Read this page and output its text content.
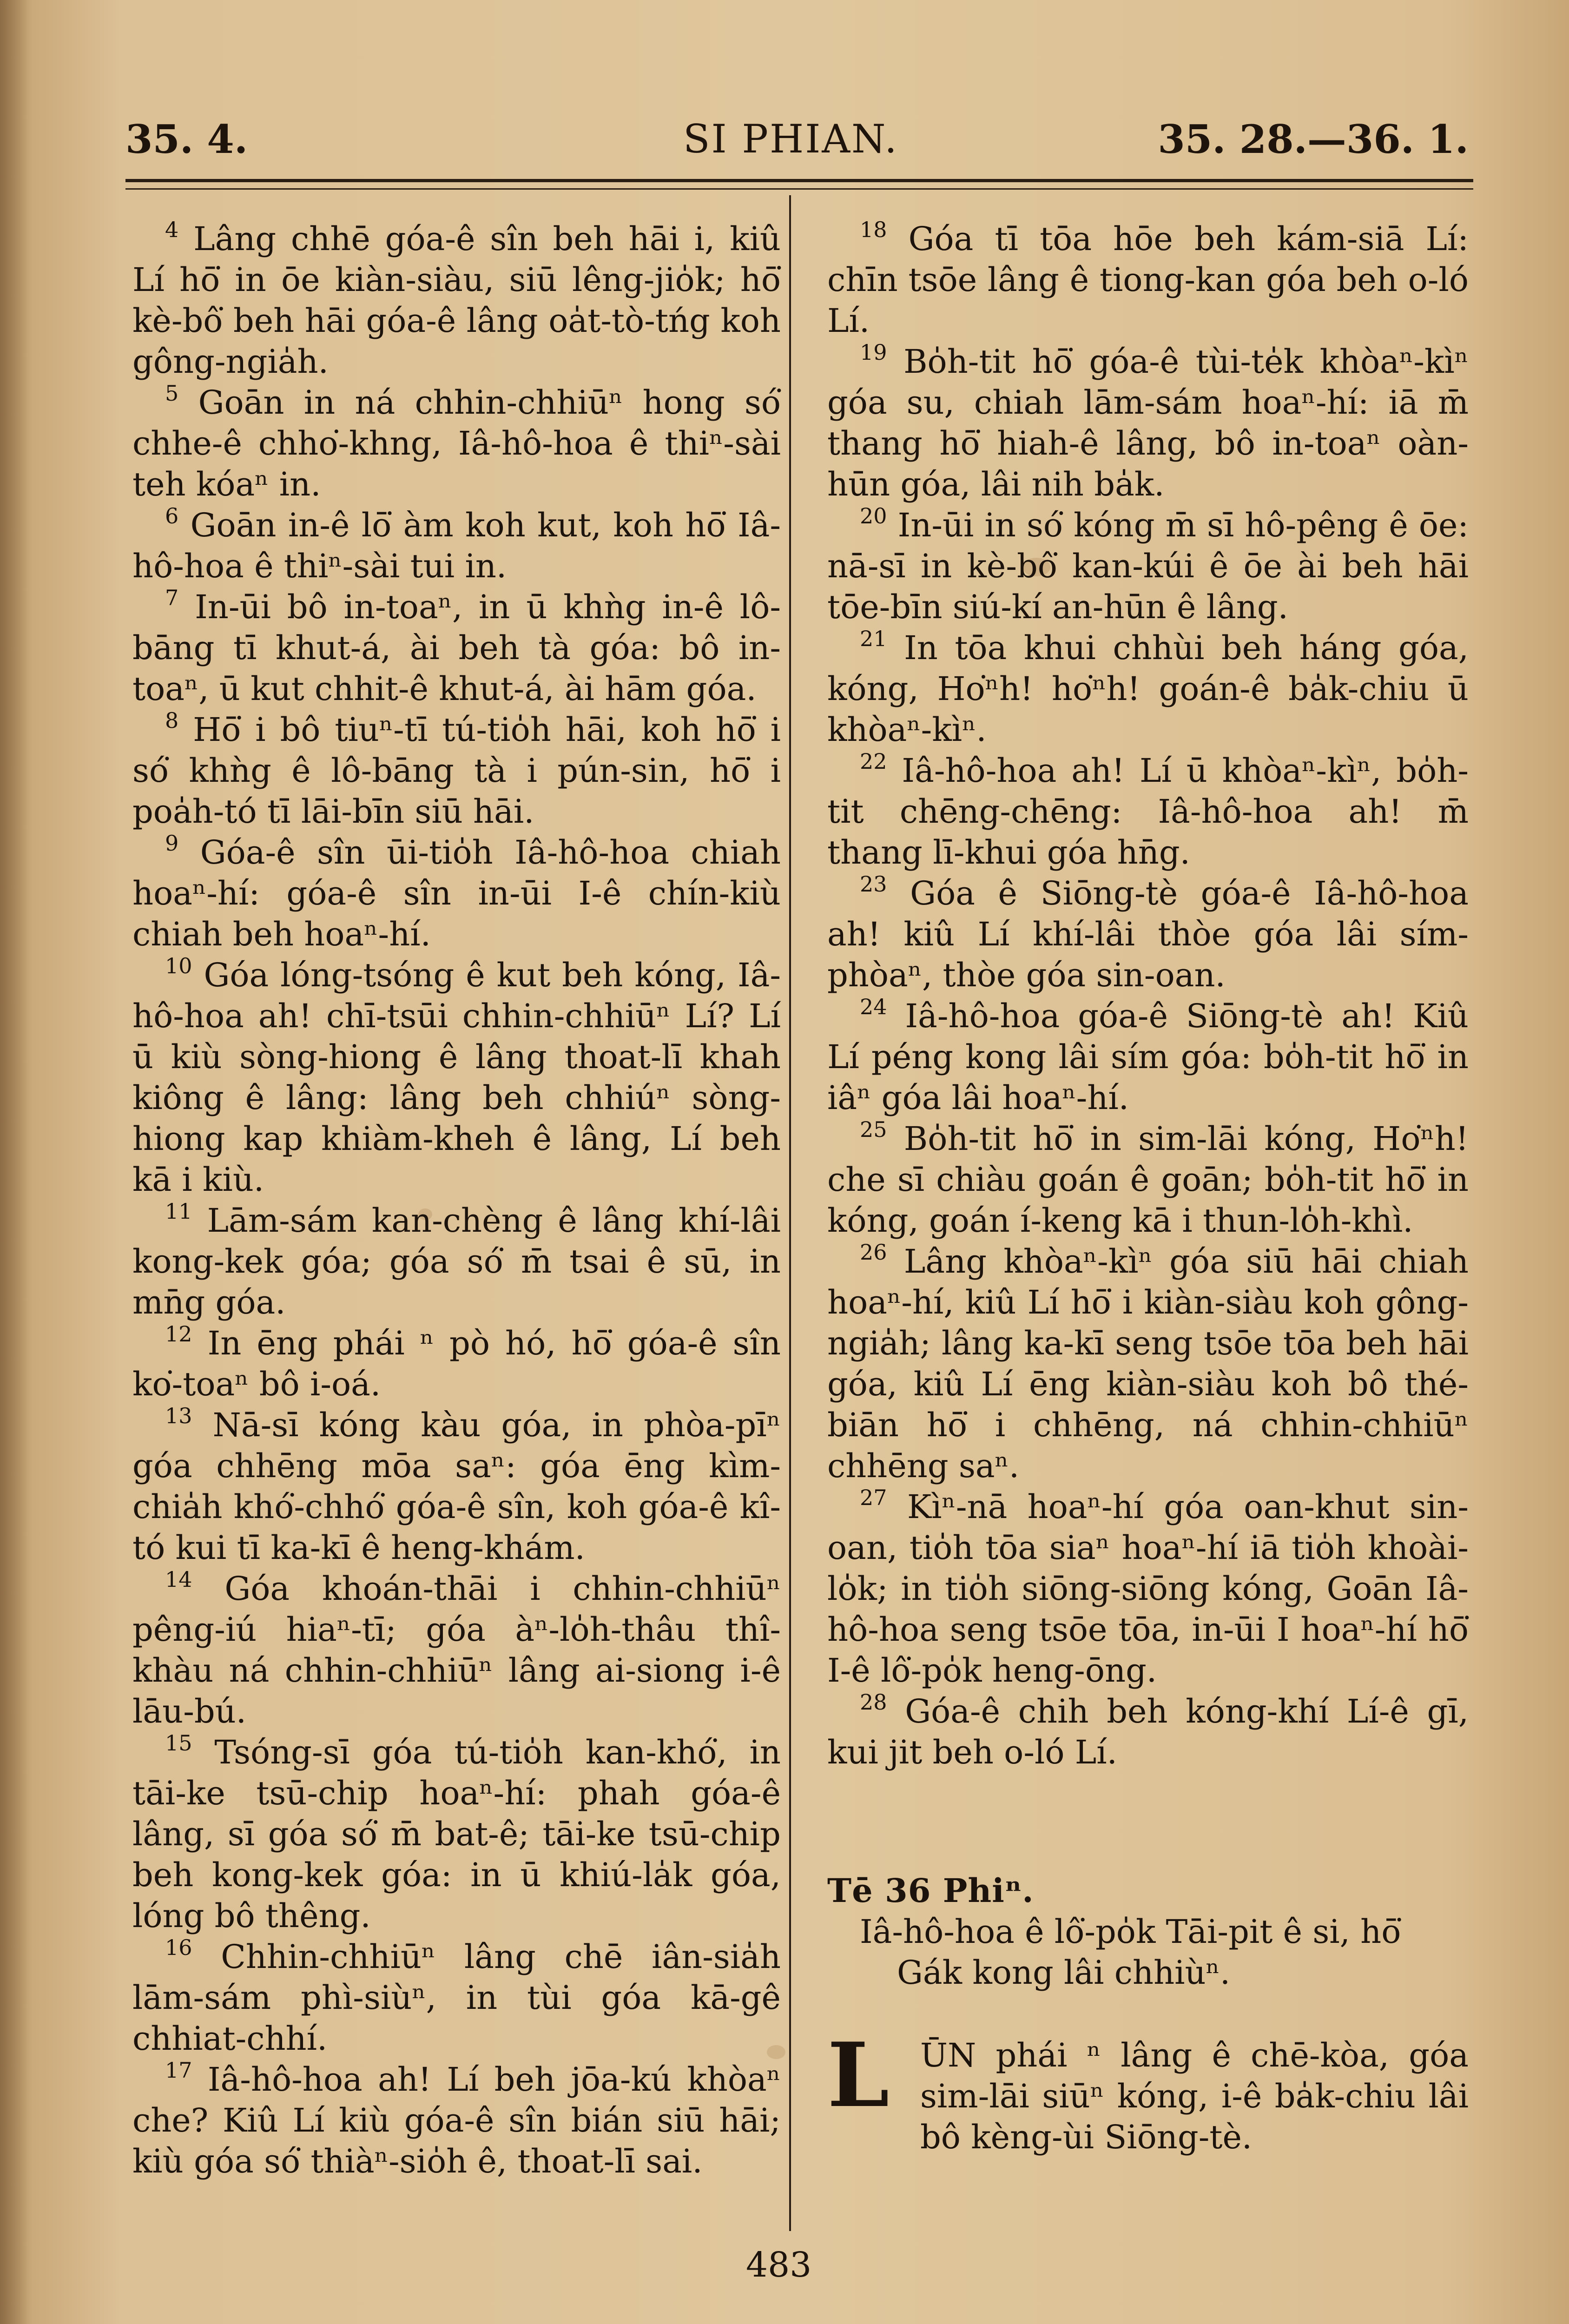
35. 4.	SI PHIAN.	35. 28.—36. 1.

$^4$ Lâng chhē góa-ê sîn beh hāi i, kiû Lí hō͘ in ōe kiàn-siàu, siū lêng-jio̍k; hō͘ kè-bô͘ beh hāi góa-ê lâng oa̍t-tò-tńg koh gông-ngia̍h.

$^5$ Goān in ná chhin-chhiūⁿ hong só͘ chhe-ê chho͘-khng, Iâ-hô-hoa ê thiⁿ-sài teh kóaⁿ in.

$^6$ Goān in-ê lō͘ àm koh kut, koh hō͘ Iâ-hô-hoa ê thiⁿ-sài tui in.

$^7$ In-ūi bô in-toaⁿ, in ū khǹg in-ê lô-bāng tī khut-á, ài beh tà góa: bô in-toaⁿ, ū kut chhit-ê khut-á, ài hām góa.

$^8$ Hō͘ i bô tiuⁿ-tī tú-tio̍h hāi, koh hō͘ i só͘ khǹg ê lô-bāng tà i pún-sin, hō͘ i poa̍h-tó tī lāi-bīn siū hāi.

$^9$ Góa-ê sîn ūi-tio̍h Iâ-hô-hoa chiah hoaⁿ-hí: góa-ê sîn in-ūi I-ê chín-kiù chiah beh hoaⁿ-hí.

$^{10}$ Góa lóng-tsóng ê kut beh kóng, Iâ-hô-hoa ah! chī-tsūi chhin-chhiūⁿ Lí? Lí ū kiù sòng-hiong ê lâng thoat-lī khah kiông ê lâng: lâng beh chhiúⁿ sòng-hiong kap khiàm-kheh ê lâng, Lí beh kā i kiù.

$^{11}$ Lām-sám kan-chèng ê lâng khí-lâi kong-kek góa; góa só͘ m̄ tsai ê sū, in mn̄g góa.

$^{12}$ In ēng phái ⁿ pò hó, hō͘ góa-ê sîn ko͘-toaⁿ bô i-oá.

$^{13}$ Nā-sī kóng kàu góa, in phòa-pīⁿ góa chhēng mōa saⁿ: góa ēng kìm-chia̍h khó͘-chhó͘ góa-ê sîn, koh góa-ê kî-tó kui tī ka-kī ê heng-khám.

$^{14}$ Góa khoán-thāi i chhin-chhiūⁿ pêng-iú hiaⁿ-tī; góa àⁿ-lo̍h-thâu thî-khàu ná chhin-chhiūⁿ lâng ai-siong i-ê lāu-bú.

$^{15}$ Tsóng-sī góa tú-tio̍h kan-khó͘, in tāi-ke tsū-chip hoaⁿ-hí: phah góa-ê lâng, sī góa só͘ m̄ bat-ê; tāi-ke tsū-chip beh kong-kek góa: in ū khiú-la̍k góa, lóng bô thêng.

$^{16}$ Chhin-chhiūⁿ lâng chē iân-sia̍h lām-sám phì-siùⁿ, in tùi góa kā-gê chhiat-chhí.

$^{17}$ Iâ-hô-hoa ah! Lí beh jōa-kú khòaⁿ che? Kiû Lí kiù góa-ê sîn bián siū hāi; kiù góa só͘ thiàⁿ-sio̍h ê, thoat-lī sai.

$^{18}$ Góa tī tōa hōe beh kám-siā Lí: chīn tsōe lâng ê tiong-kan góa beh o-ló Lí.

$^{19}$ Bo̍h-tit hō͘ góa-ê tùi-te̍k khòaⁿ-kìⁿ góa su, chiah lām-sám hoaⁿ-hí: iā m̄ thang hō͘ hiah-ê lâng, bô in-toaⁿ oàn-hūn góa, lâi nih ba̍k.

$^{20}$ In-ūi in só͘ kóng m̄ sī hô-pêng ê ōe: nā-sī in kè-bô͘ kan-kúi ê ōe ài beh hāi tōe-bīn siú-kí an-hūn ê lâng.

$^{21}$ In tōa khui chhùi beh háng góa, kóng, Ho͘ⁿh! ho͘ⁿh! goán-ê ba̍k-chiu ū khòaⁿ-kìⁿ.

$^{22}$ Iâ-hô-hoa ah! Lí ū khòaⁿ-kìⁿ, bo̍h-tit chēng-chēng: Iâ-hô-hoa ah! m̄ thang lī-khui góa hn̄g.

$^{23}$ Góa ê Siōng-tè góa-ê Iâ-hô-hoa ah! kiû Lí khí-lâi thòe góa lâi sím-phòaⁿ, thòe góa sin-oan.

$^{24}$ Iâ-hô-hoa góa-ê Siōng-tè ah! Kiû Lí péng kong lâi sím góa: bo̍h-tit hō͘ in iâⁿ góa lâi hoaⁿ-hí.

$^{25}$ Bo̍h-tit hō͘ in sim-lāi kóng, Ho͘ⁿh! che sī chiàu goán ê goān; bo̍h-tit hō͘ in kóng, goán í-keng kā i thun-lo̍h-khì.

$^{26}$ Lâng khòaⁿ-kìⁿ góa siū hāi chiah hoaⁿ-hí, kiû Lí hō͘ i kiàn-siàu koh gông-ngia̍h; lâng ka-kī seng tsōe tōa beh hāi góa, kiû Lí ēng kiàn-siàu koh bô thé-biān hō͘ i chhēng, ná chhin-chhiūⁿ chhēng saⁿ.

$^{27}$ Kìⁿ-nā hoaⁿ-hí góa oan-khut sin-oan, tio̍h tōa siaⁿ hoaⁿ-hí iā tio̍h khoài-lo̍k; in tio̍h siōng-siōng kóng, Goān Iâ-hô-hoa seng tsōe tōa, in-ūi I hoaⁿ-hí hō͘ I-ê lô͘-po̍k heng-ōng.

$^{28}$ Góa-ê chih beh kóng-khí Lí-ê gī, kui jit beh o-ló Lí.

Tē 36 Phiⁿ.

Iâ-hô-hoa ê lô͘-po̍k Tāi-pit ê si, hō͘
Gák kong lâi chhiùⁿ.

L ŪN phái ⁿ lâng ê chē-kòa, góa sim-lāi siūⁿ kóng, i-ê ba̍k-chiu lâi bô kèng-ùi Siōng-tè.

483
